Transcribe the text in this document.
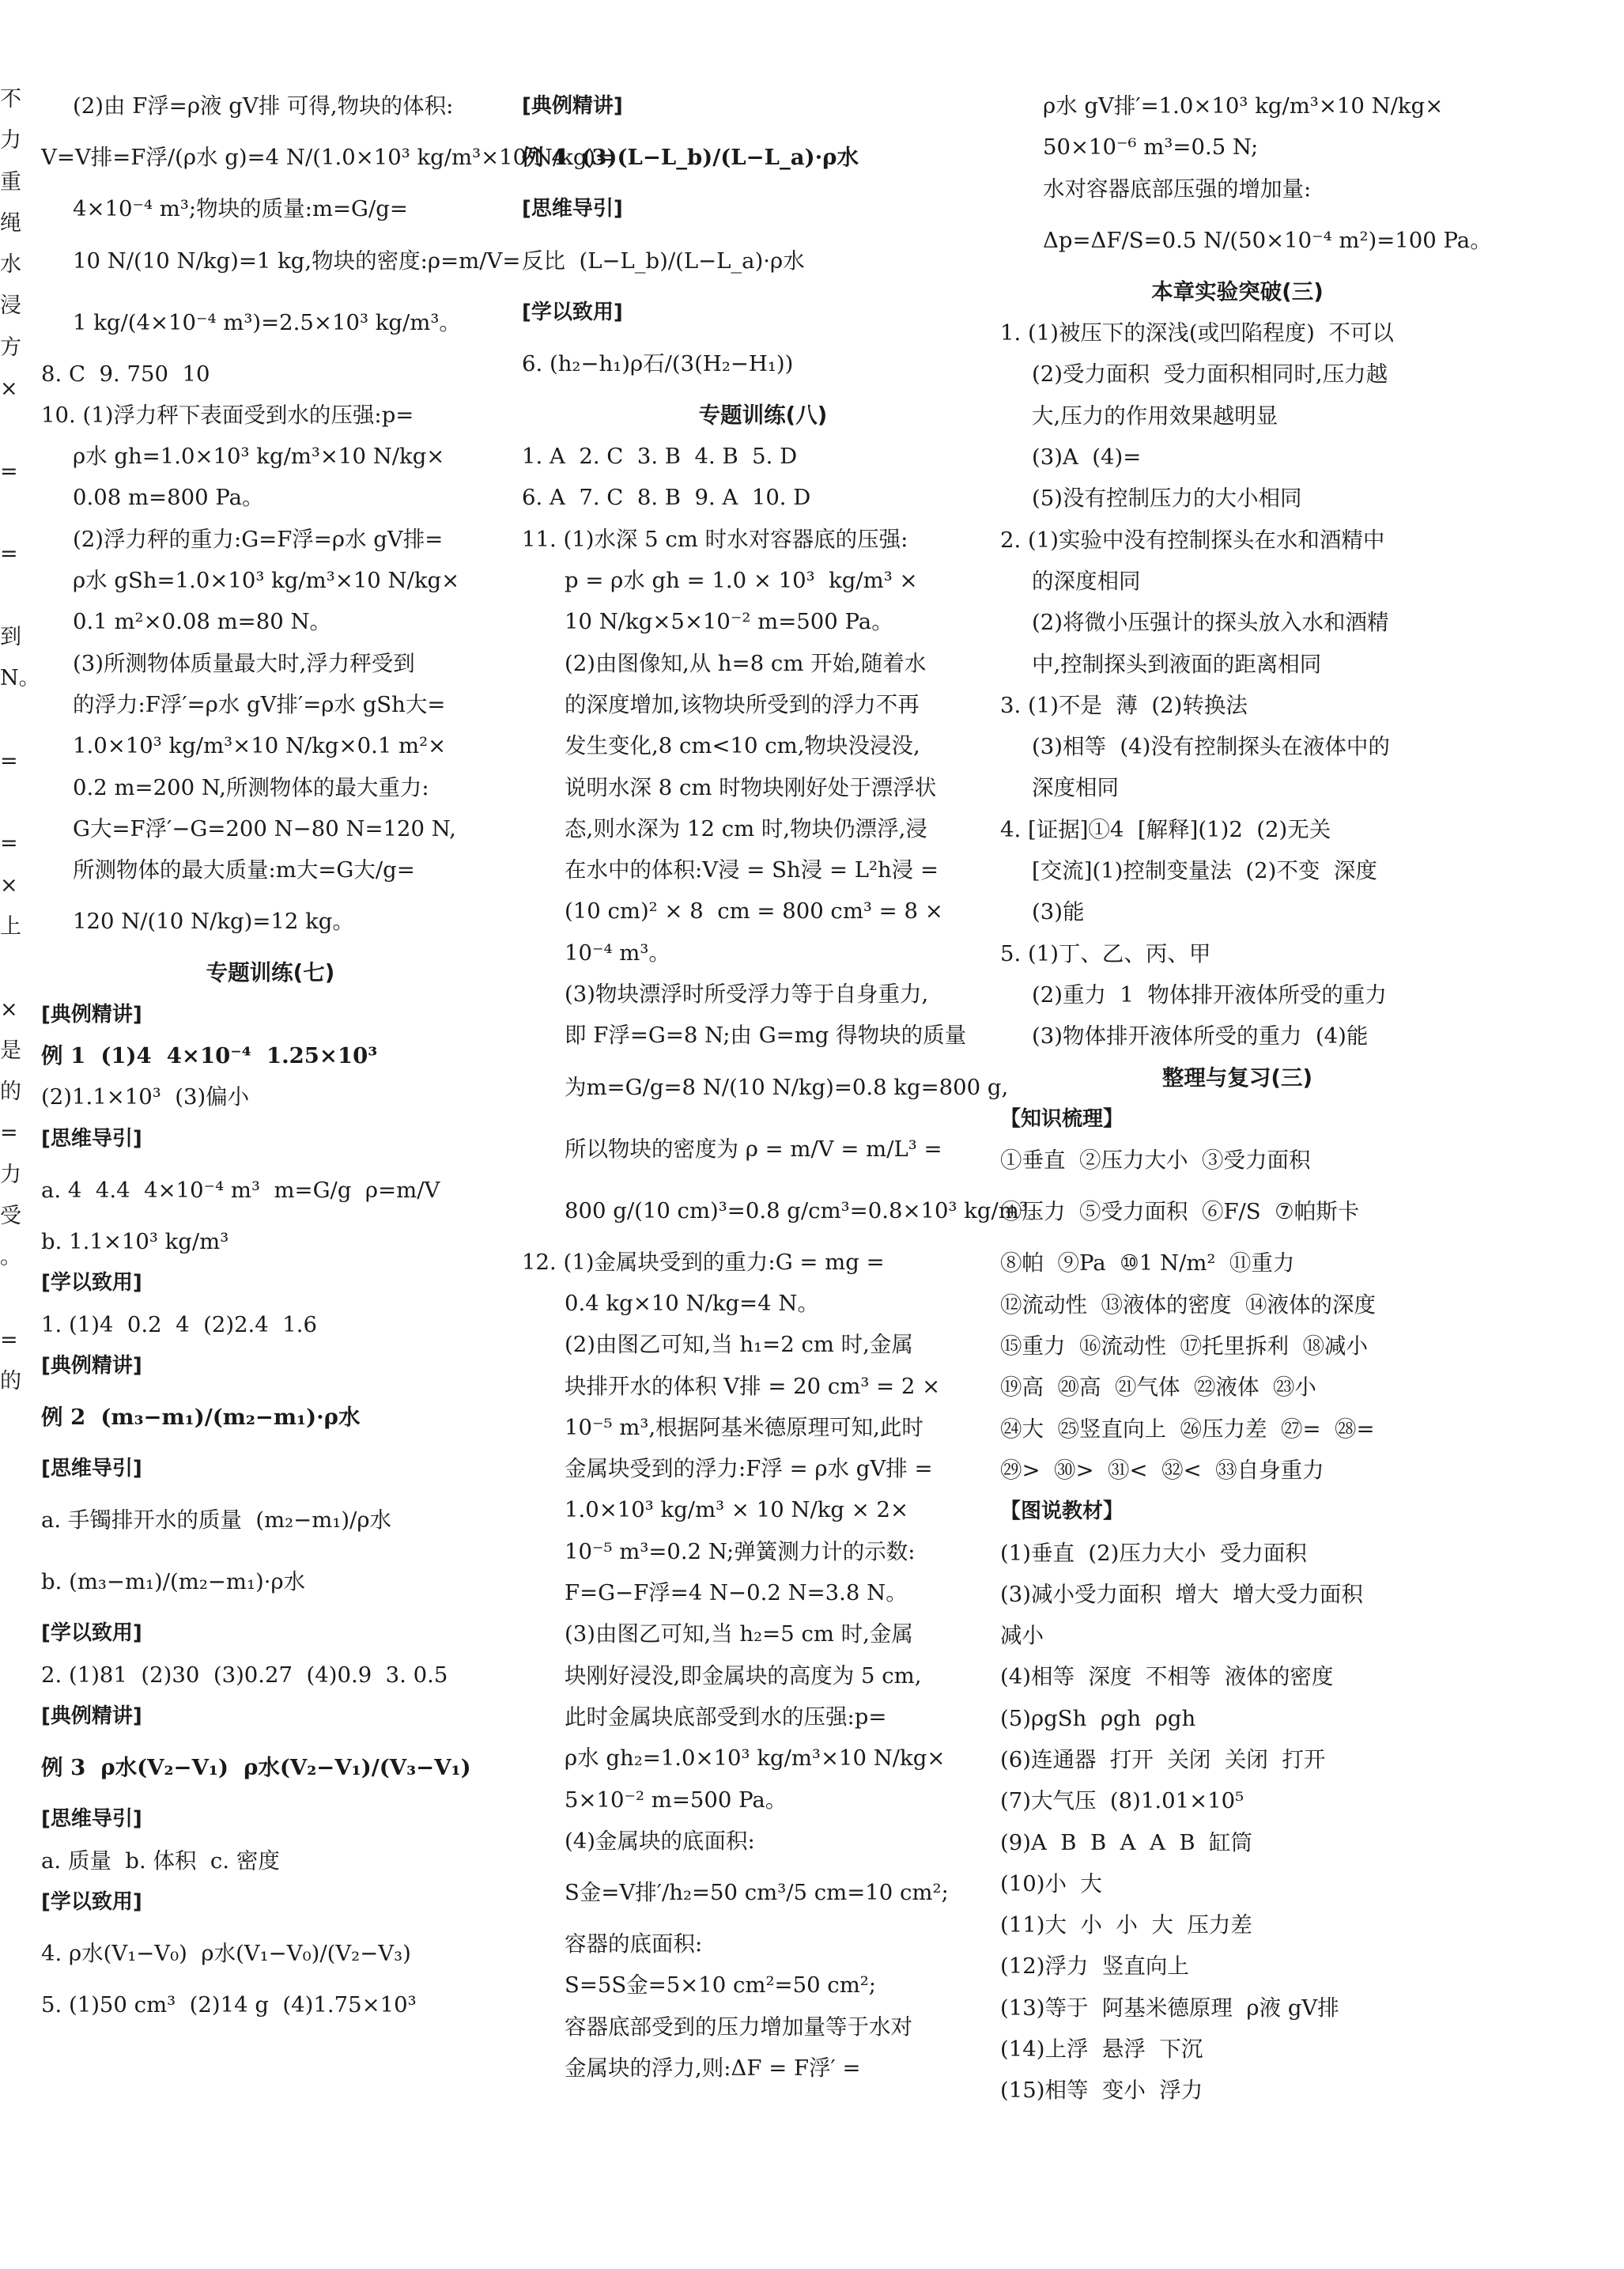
不
力
重
绳
水
浸
方
×
=
=
到
N。
=
=
×
上
×
是
的
=
力
受
。
=
的
(2)由 F浮=ρ液 gV排 可得,物块的体积:
V=V排=F浮/(ρ水 g)=4 N/(1.0×10³ kg/m³×10 N/kg)=
4×10⁻⁴ m³;物块的质量:m=G/g=
10 N/(10 N/kg)=1 kg,物块的密度:ρ=m/V=
1 kg/(4×10⁻⁴ m³)=2.5×10³ kg/m³。
8. C  9. 750  10
10. (1)浮力秤下表面受到水的压强:p=
ρ水 gh=1.0×10³ kg/m³×10 N/kg×
0.08 m=800 Pa。
(2)浮力秤的重力:G=F浮=ρ水 gV排=
ρ水 gSh=1.0×10³ kg/m³×10 N/kg×
0.1 m²×0.08 m=80 N。
(3)所测物体质量最大时,浮力秤受到
的浮力:F浮′=ρ水 gV排′=ρ水 gSh大=
1.0×10³ kg/m³×10 N/kg×0.1 m²×
0.2 m=200 N,所测物体的最大重力:
G大=F浮′−G=200 N−80 N=120 N,
所测物体的最大质量:m大=G大/g=
120 N/(10 N/kg)=12 kg。
专题训练(七)
[典例精讲]
例 1  (1)4  4×10⁻⁴  1.25×10³
(2)1.1×10³  (3)偏小
[思维导引]
a. 4  4.4  4×10⁻⁴ m³  m=G/g  ρ=m/V
b. 1.1×10³ kg/m³
[学以致用]
1. (1)4  0.2  4  (2)2.4  1.6
[典例精讲]
例 2  (m₃−m₁)/(m₂−m₁)·ρ水
[思维导引]
a. 手镯排开水的质量  (m₂−m₁)/ρ水
b. (m₃−m₁)/(m₂−m₁)·ρ水
[学以致用]
2. (1)81  (2)30  (3)0.27  (4)0.9  3. 0.5
[典例精讲]
例 3  ρ水(V₂−V₁)  ρ水(V₂−V₁)/(V₃−V₁)
[思维导引]
a. 质量  b. 体积  c. 密度
[学以致用]
4. ρ水(V₁−V₀)  ρ水(V₁−V₀)/(V₂−V₃)
5. (1)50 cm³  (2)14 g  (4)1.75×10³
[典例精讲]
例 4  (3)(L−L_b)/(L−L_a)·ρ水
[思维导引]
反比  (L−L_b)/(L−L_a)·ρ水
[学以致用]
6. (h₂−h₁)ρ石/(3(H₂−H₁))
专题训练(八)
1. A  2. C  3. B  4. B  5. D
6. A  7. C  8. B  9. A  10. D
11. (1)水深 5 cm 时水对容器底的压强:
p = ρ水 gh = 1.0 × 10³  kg/m³ ×
10 N/kg×5×10⁻² m=500 Pa。
(2)由图像知,从 h=8 cm 开始,随着水
的深度增加,该物块所受到的浮力不再
发生变化,8 cm<10 cm,物块没浸没,
说明水深 8 cm 时物块刚好处于漂浮状
态,则水深为 12 cm 时,物块仍漂浮,浸
在水中的体积:V浸 = Sh浸 = L²h浸 =
(10 cm)² × 8  cm = 800 cm³ = 8 ×
10⁻⁴ m³。
(3)物块漂浮时所受浮力等于自身重力,
即 F浮=G=8 N;由 G=mg 得物块的质量
为m=G/g=8 N/(10 N/kg)=0.8 kg=800 g,
所以物块的密度为 ρ = m/V = m/L³ =
800 g/(10 cm)³=0.8 g/cm³=0.8×10³ kg/m³。
12. (1)金属块受到的重力:G = mg =
0.4 kg×10 N/kg=4 N。
(2)由图乙可知,当 h₁=2 cm 时,金属
块排开水的体积 V排 = 20 cm³ = 2 ×
10⁻⁵ m³,根据阿基米德原理可知,此时
金属块受到的浮力:F浮 = ρ水 gV排 =
1.0×10³ kg/m³ × 10 N/kg × 2×
10⁻⁵ m³=0.2 N;弹簧测力计的示数:
F=G−F浮=4 N−0.2 N=3.8 N。
(3)由图乙可知,当 h₂=5 cm 时,金属
块刚好浸没,即金属块的高度为 5 cm,
此时金属块底部受到水的压强:p=
ρ水 gh₂=1.0×10³ kg/m³×10 N/kg×
5×10⁻² m=500 Pa。
(4)金属块的底面积:
S金=V排′/h₂=50 cm³/5 cm=10 cm²;
容器的底面积:
S=5S金=5×10 cm²=50 cm²;
容器底部受到的压力增加量等于水对
金属块的浮力,则:ΔF = F浮′ =
ρ水 gV排′=1.0×10³ kg/m³×10 N/kg×
50×10⁻⁶ m³=0.5 N;
水对容器底部压强的增加量:
Δp=ΔF/S=0.5 N/(50×10⁻⁴ m²)=100 Pa。
本章实验突破(三)
1. (1)被压下的深浅(或凹陷程度)  不可以
(2)受力面积  受力面积相同时,压力越
大,压力的作用效果越明显
(3)A  (4)=
(5)没有控制压力的大小相同
2. (1)实验中没有控制探头在水和酒精中
的深度相同
(2)将微小压强计的探头放入水和酒精
中,控制探头到液面的距离相同
3. (1)不是  薄  (2)转换法
(3)相等  (4)没有控制探头在液体中的
深度相同
4. [证据]①4  [解释](1)2  (2)无关
[交流](1)控制变量法  (2)不变  深度
(3)能
5. (1)丁、乙、丙、甲
(2)重力  1  物体排开液体所受的重力
(3)物体排开液体所受的重力  (4)能
整理与复习(三)
【知识梳理】
①垂直  ②压力大小  ③受力面积
④压力  ⑤受力面积  ⑥F/S  ⑦帕斯卡
⑧帕  ⑨Pa  ⑩1 N/m²  ⑪重力
⑫流动性  ⑬液体的密度  ⑭液体的深度
⑮重力  ⑯流动性  ⑰托里拆利  ⑱减小
⑲高  ⑳高  ㉑气体  ㉒液体  ㉓小
㉔大  ㉕竖直向上  ㉖压力差  ㉗=  ㉘=
㉙>  ㉚>  ㉛<  ㉜<  ㉝自身重力
【图说教材】
(1)垂直  (2)压力大小  受力面积
(3)减小受力面积  增大  增大受力面积
减小
(4)相等  深度  不相等  液体的密度
(5)ρgSh  ρgh  ρgh
(6)连通器  打开  关闭  关闭  打开
(7)大气压  (8)1.01×10⁵
(9)A  B  B  A  A  B  缸筒
(10)小  大
(11)大  小  小  大  压力差
(12)浮力  竖直向上
(13)等于  阿基米德原理  ρ液 gV排
(14)上浮  悬浮  下沉
(15)相等  变小  浮力
